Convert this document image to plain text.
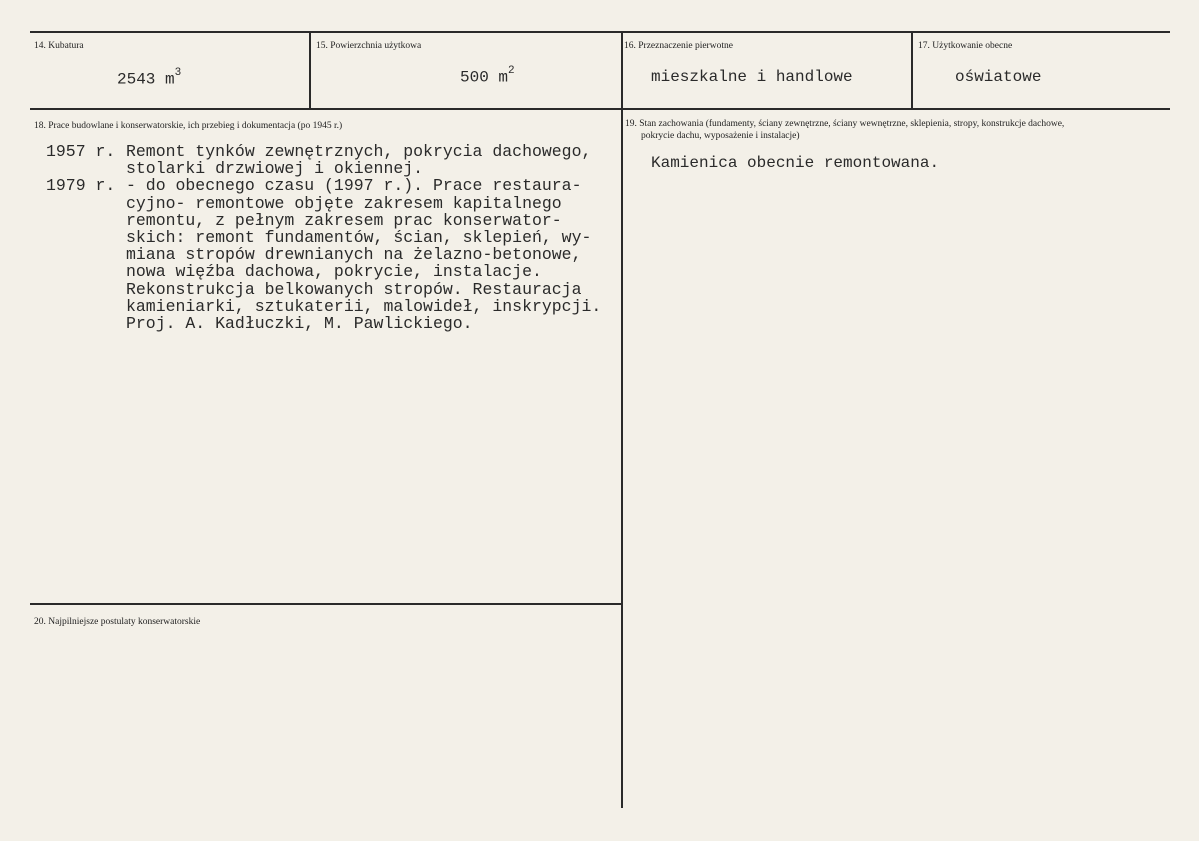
14. Kubatura
2543 $m^3$
15. Powierzchnia użytkowa
500 $m^2$
16. Przeznaczenie pierwotne
mieszkalne i handlowe
17. Użytkowanie obecne
oświatowe
18. Prace budowlane i konserwatorskie, ich przebieg i dokumentacja (po 1945 r.)
1957 r. Remont tynków zewnętrznych, pokrycia dachowego,
stolarki drzwiowej i okiennej.
1979 r. - do obecnego czasu (1997 r.). Prace restaura-
cyjno- remontowe objęte zakresem kapitalnego
remontu, z pełnym zakresem prac konserwator-
skich: remont fundamentów, ścian, sklepień, wy-
miana stropów drewnianych na żelazno-betonowe,
nowa więźba dachowa, pokrycie, instalacje.
Rekonstrukcja belkowanych stropów. Restauracja
kamieniarki, sztukaterii, malowideł, inskrypcji.
Proj. A. Kadłuczki, M. Pawlickiego.
19. Stan zachowania (fundamenty, ściany zewnętrzne, ściany wewnętrzne, sklepienia, stropy, konstrukcje dachowe,
pokrycie dachu, wyposażenie i instalacje)
Kamienica obecnie remontowana.
20. Najpilniejsze postulaty konserwatorskie
